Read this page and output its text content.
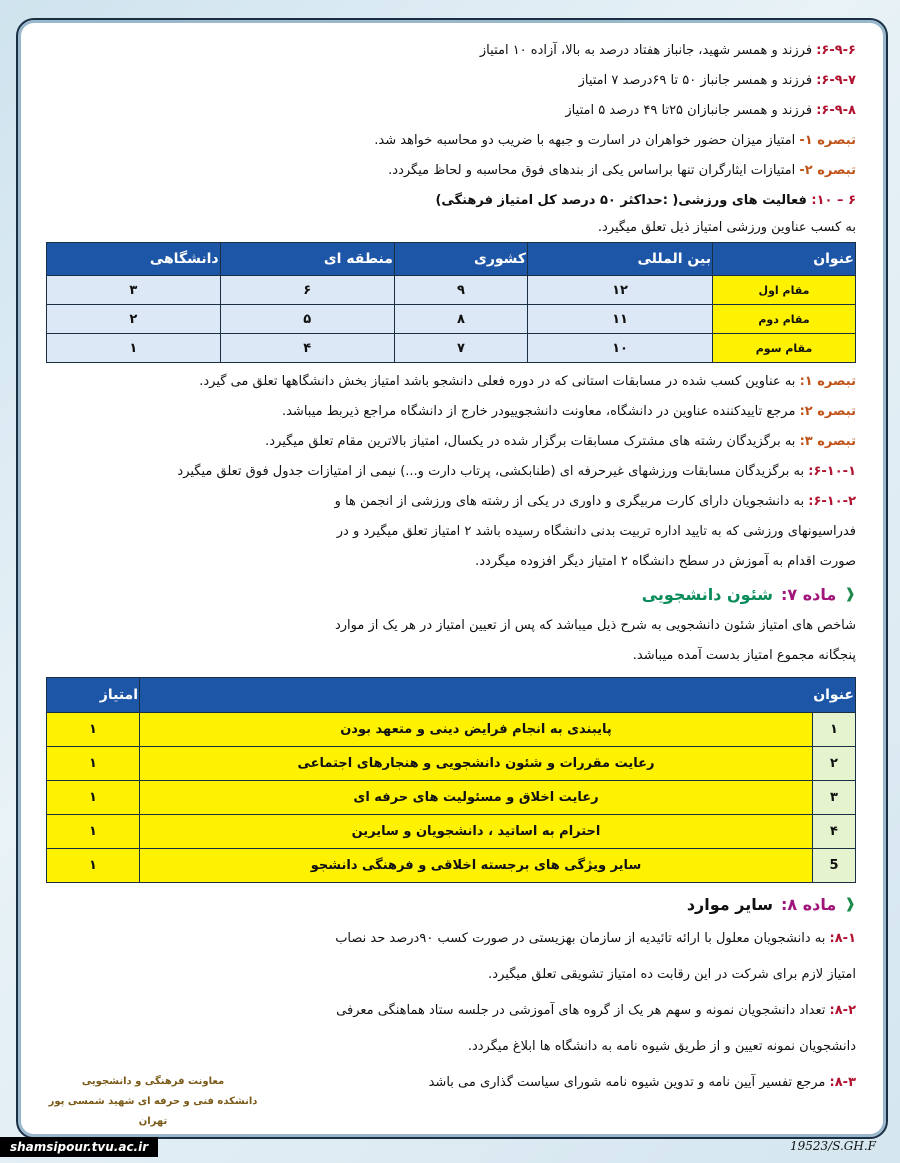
۶-۹-۶: فرزند و همسر شهید، جانباز هفتاد درصد به بالا، آزاده ۱۰ امتیاز
۶-۹-۷: فرزند و همسر جانباز ۵۰ تا ۶۹درصد ۷ امتیاز
۶-۹-۸: فرزند و همسر جانبازان ۲۵تا ۴۹ درصد ۵ امتیاز
تبصره ۱- امتیاز میزان حضور خواهران در اسارت و جبهه با ضریب دو محاسبه خواهد شد.
تبصره ۲- امتیازات ایثارگران تنها براساس یکی از بندهای فوق محاسبه و لحاظ میگردد.
۶ – ۱۰: فعالیت های ورزشی( :حداکثر ۵۰ درصد کل امتیاز فرهنگی)
به کسب عناوین ورزشی امتیاز ذیل تعلق میگیرد.
عنوان	بین المللی	کشوری	منطقه ای	دانشگاهی
مقام اول	۱۲	۹	۶	۳
مقام دوم	۱۱	۸	۵	۲
مقام سوم	۱۰	۷	۴	۱
تبصره ۱: به عناوین کسب شده در مسابقات استانی که در دوره فعلی دانشجو باشد امتیاز بخش دانشگاهها تعلق می گیرد.
تبصره ۲: مرجع تاییدکننده عناوین در دانشگاه، معاونت دانشجوییودر خارج از دانشگاه مراجع ذیربط میباشد.
تبصره ۳: به برگزیدگان رشته های مشترک مسابقات برگزار شده در یکسال، امتیاز بالاترین مقام تعلق میگیرد.
۶-۱۰-۱: به برگزیدگان مسابقات ورزشهای غیرحرفه ای (طنابکشی، پرتاب دارت و...) نیمی از امتیازات جدول فوق تعلق میگیرد
۶-۱۰-۲: به دانشجویان دارای کارت مربیگری و داوری در یکی از رشته های ورزشی از انجمن ها و
فدراسیونهای ورزشی که به تایید اداره تربیت بدنی دانشگاه رسیده باشد ۲ امتیاز تعلق میگیرد و در
صورت اقدام به آموزش در سطح دانشگاه ۲ امتیاز دیگر افزوده میگردد.
❰
ماده ۷:
شئون دانشجویی
شاخص های امتیاز شئون دانشجویی به شرح ذیل میباشد که پس از تعیین امتیاز در هر یک از موارد
پنجگانه مجموع امتیاز بدست آمده میباشد.
عنوان		امتیاز
۱	پایبندی به انجام فرایض دینی و متعهد بودن	۱
۲	رعایت مقررات و شئون دانشجویی و هنجارهای اجتماعی	۱
۳	رعایت اخلاق و مسئولیت های حرفه ای	۱
۴	احترام به اساتید ، دانشجویان و سایرین	۱
5	سایر ویژگی های برجسته اخلاقی و فرهنگی دانشجو	۱
❰
ماده ۸:
سایر موارد
۸-۱: به دانشجویان معلول با ارائه تائیدیه از سازمان بهزیستی در صورت کسب ۹۰درصد حد نصاب
امتیاز لازم برای شرکت در این رقابت ده امتیاز تشویقی تعلق میگیرد.
۸-۲: تعداد دانشجویان نمونه و سهم هر یک از گروه های آموزشی در جلسه ستاد هماهنگی معرفی
دانشجویان نمونه تعیین و از طریق شیوه نامه به دانشگاه ها ابلاغ میگردد.
۸-۳: مرجع تفسیر آیین نامه و تدوین شیوه نامه شورای سیاست گذاری می باشد
معاونت فرهنگی و دانشجویی
دانشکده فنی و حرفه ای شهید شمسی پور تهران
shamsipour.tvu.ac.ir	19523/S.GH.F
